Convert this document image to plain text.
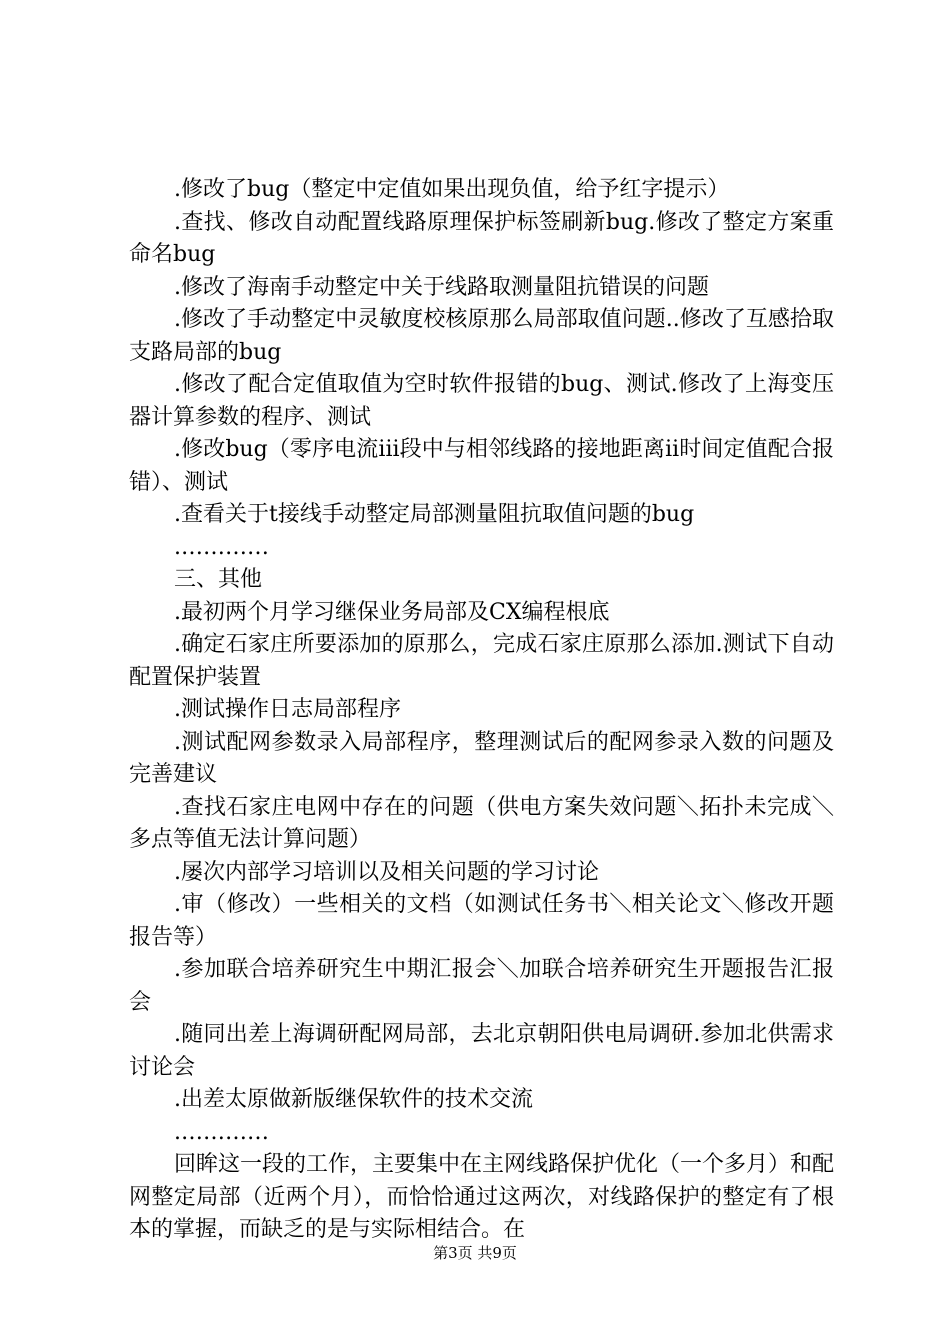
.修改了bug（整定中定值如果出现负值，给予红字提示）

.查找、修改自动配置线路原理保护标签刷新bug.修改了整定方案重命名bug

.修改了海南手动整定中关于线路取测量阻抗错误的问题

.修改了手动整定中灵敏度校核原那么局部取值问题..修改了互感拾取支路局部的bug

.修改了配合定值取值为空时软件报错的bug、测试.修改了上海变压器计算参数的程序、测试

.修改bug（零序电流iii段中与相邻线路的接地距离ii时间定值配合报错）、测试

.查看关于t接线手动整定局部测量阻抗取值问题的bug

.…………

三、其他

.最初两个月学习继保业务局部及CX编程根底

.确定石家庄所要添加的原那么，完成石家庄原那么添加.测试下自动配置保护装置

.测试操作日志局部程序

.测试配网参数录入局部程序，整理测试后的配网参录入数的问题及完善建议

.查找石家庄电网中存在的问题（供电方案失效问题＼拓扑未完成＼多点等值无法计算问题）

.屡次内部学习培训以及相关问题的学习讨论

.审（修改）一些相关的文档（如测试任务书＼相关论文＼修改开题报告等）

.参加联合培养研究生中期汇报会＼加联合培养研究生开题报告汇报会

.随同出差上海调研配网局部，去北京朝阳供电局调研.参加北供需求讨论会

.出差太原做新版继保软件的技术交流

.…………

回眸这一段的工作，主要集中在主网线路保护优化（一个多月）和配网整定局部（近两个月），而恰恰通过这两次，对线路保护的整定有了根本的掌握，而缺乏的是与实际相结合。在

第3页 共9页
